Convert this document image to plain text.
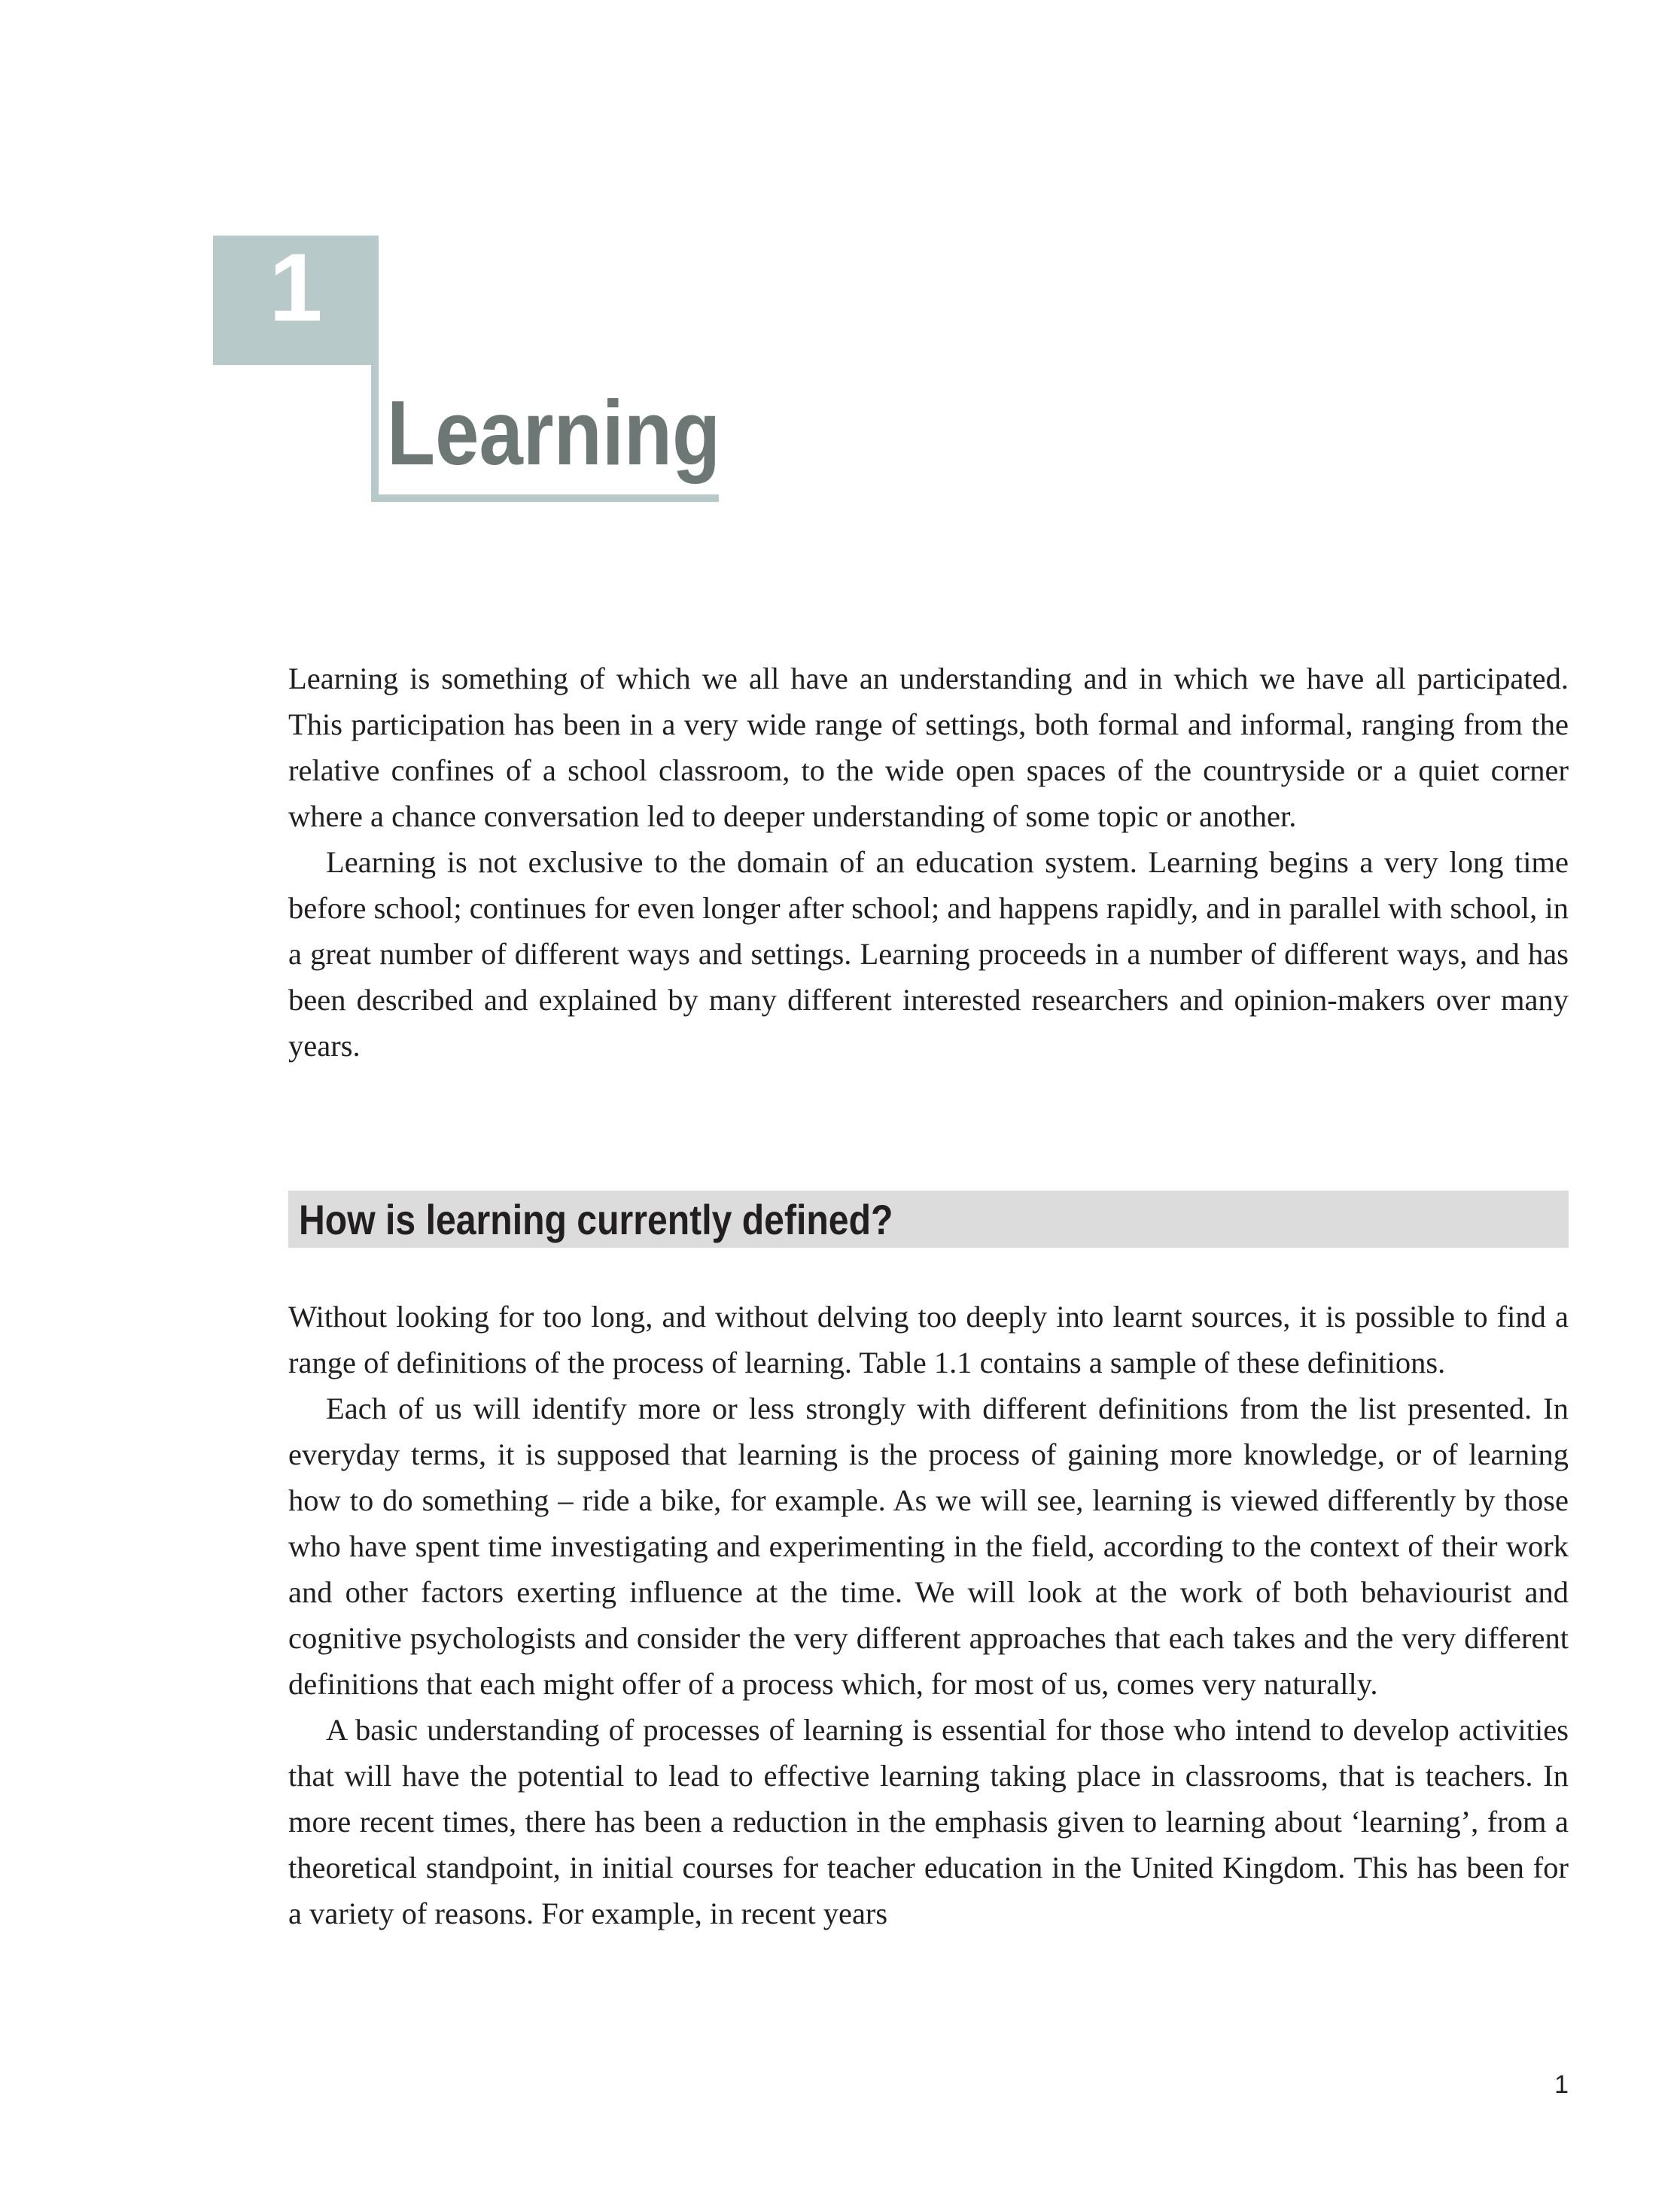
1
Learning

Learning is something of which we all have an understanding and in which we have all participated. This participation has been in a very wide range of settings, both formal and informal, ranging from the relative confines of a school classroom, to the wide open spaces of the countryside or a quiet corner where a chance conversation led to deeper understanding of some topic or another.

Learning is not exclusive to the domain of an education system. Learning begins a very long time before school; continues for even longer after school; and happens rapidly, and in parallel with school, in a great number of different ways and settings. Learning proceeds in a number of different ways, and has been described and explained by many different interested researchers and opinion-makers over many years.

How is learning currently defined?

Without looking for too long, and without delving too deeply into learnt sources, it is possible to find a range of definitions of the process of learning. Table 1.1 contains a sample of these definitions.

Each of us will identify more or less strongly with different definitions from the list presented. In everyday terms, it is supposed that learning is the process of gaining more knowledge, or of learning how to do something – ride a bike, for example. As we will see, learning is viewed differently by those who have spent time investigating and experimenting in the field, according to the context of their work and other factors exerting influence at the time. We will look at the work of both behaviourist and cognitive psychologists and consider the very different approaches that each takes and the very different definitions that each might offer of a process which, for most of us, comes very naturally.

A basic understanding of processes of learning is essential for those who intend to develop activities that will have the potential to lead to effective learning taking place in classrooms, that is teachers. In more recent times, there has been a reduction in the emphasis given to learning about ‘learning’, from a theoretical standpoint, in initial courses for teacher education in the United Kingdom. This has been for a variety of reasons. For example, in recent years

1
